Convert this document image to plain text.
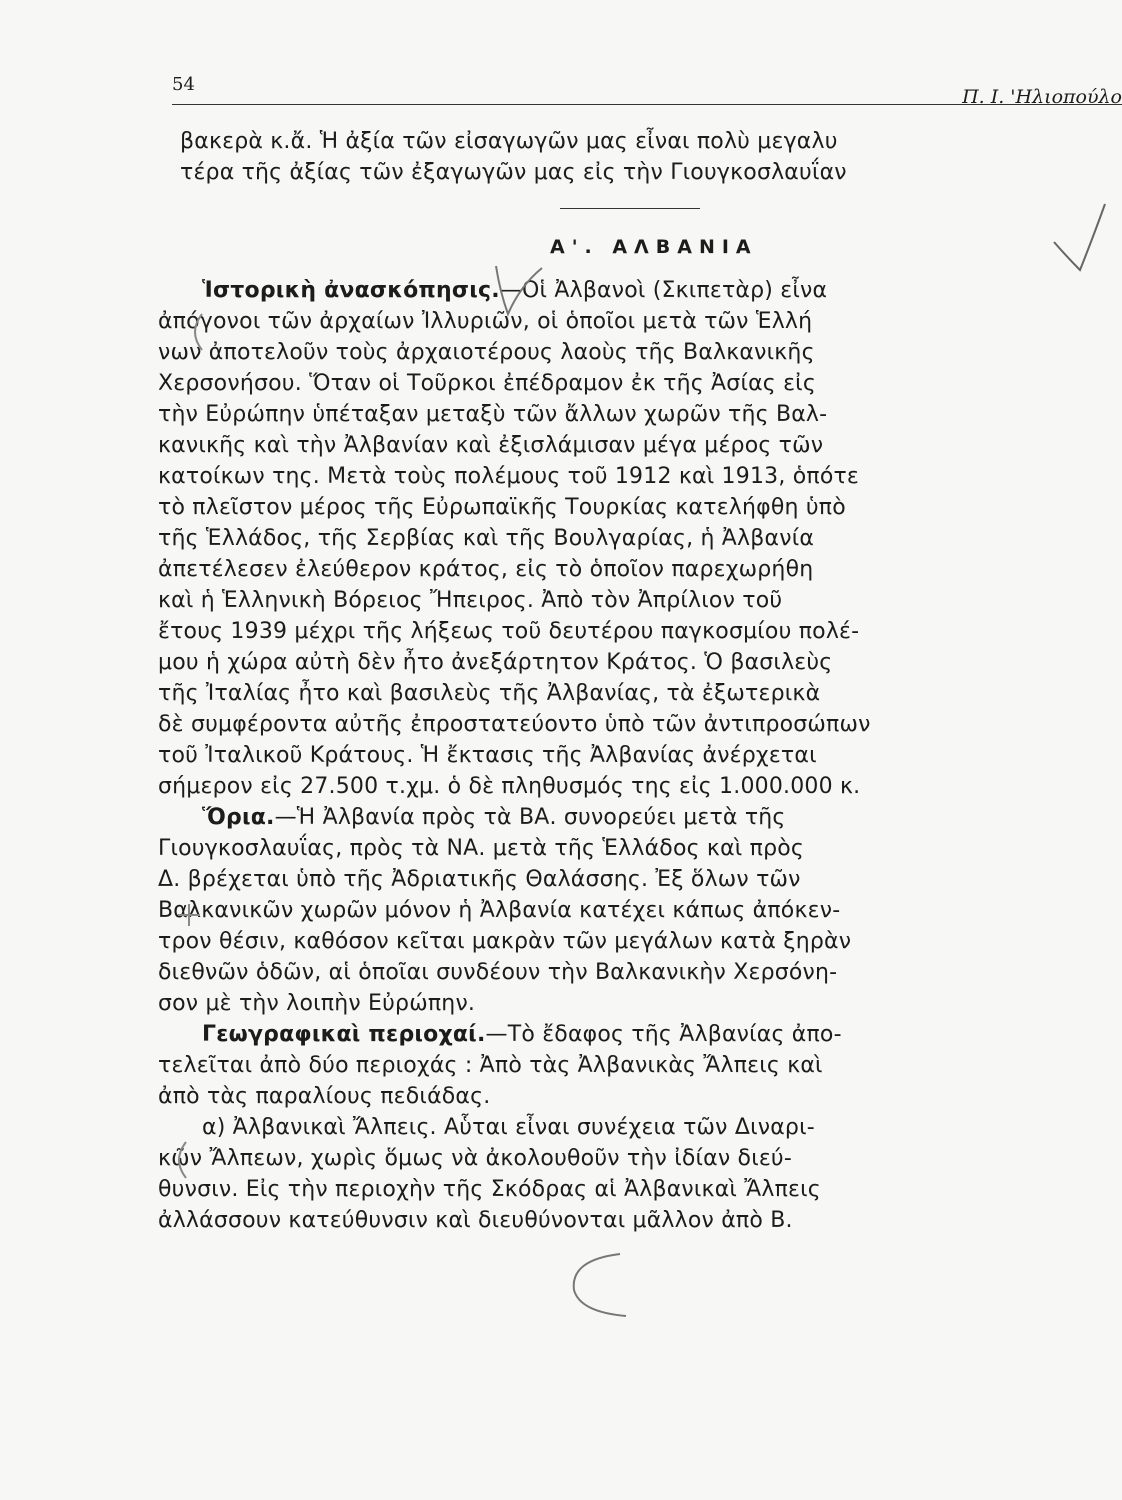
54
Π. Ι. 'Ηλιοπούλο
βακερὰ κ.ἄ. Ἡ ἀξία τῶν εἰσαγωγῶν μας εἶναι πολὺ μεγαλυ
τέρα τῆς ἀξίας τῶν ἐξαγωγῶν μας εἰς τὴν Γιουγκοσλαυΐαν
Α'. ΑΛΒΑΝΙΑ
Ἱστορικὴ ἀνασκόπησις.—Οἱ Ἀλβανοὶ (Σκιπετὰρ) εἶνα
ἀπόγονοι τῶν ἀρχαίων Ἰλλυριῶν, οἱ ὁποῖοι μετὰ τῶν Ἑλλή
νων ἀποτελοῦν τοὺς ἀρχαιοτέρους λαοὺς τῆς Βαλκανικῆς
Χερσονήσου. Ὅταν οἱ Τοῦρκοι ἐπέδραμον ἐκ τῆς Ἀσίας εἰς
τὴν Εὐρώπην ὑπέταξαν μεταξὺ τῶν ἄλλων χωρῶν τῆς Βαλ-
κανικῆς καὶ τὴν Ἀλβανίαν καὶ ἐξισλάμισαν μέγα μέρος τῶν
κατοίκων της. Μετὰ τοὺς πολέμους τοῦ 1912 καὶ 1913, ὁπότε
τὸ πλεῖστον μέρος τῆς Εὐρωπαϊκῆς Τουρκίας κατελήφθη ὑπὸ
τῆς Ἑλλάδος, τῆς Σερβίας καὶ τῆς Βουλγαρίας, ἡ Ἀλβανία
ἀπετέλεσεν ἐλεύθερον κράτος, εἰς τὸ ὁποῖον παρεχωρήθη
καὶ ἡ Ἑλληνικὴ Βόρειος Ἤπειρος. Ἀπὸ τὸν Ἀπρίλιον τοῦ
ἔτους 1939 μέχρι τῆς λήξεως τοῦ δευτέρου παγκοσμίου πολέ-
μου ἡ χώρα αὐτὴ δὲν ἦτο ἀνεξάρτητον Κράτος. Ὁ βασιλεὺς
τῆς Ἰταλίας ἦτο καὶ βασιλεὺς τῆς Ἀλβανίας, τὰ ἐξωτερικὰ
δὲ συμφέροντα αὐτῆς ἐπροστατεύοντο ὑπὸ τῶν ἀντιπροσώπων
τοῦ Ἰταλικοῦ Κράτους. Ἡ ἔκτασις τῆς Ἀλβανίας ἀνέρχεται
σήμερον εἰς 27.500 τ.χμ. ὁ δὲ πληθυσμός της εἰς 1.000.000 κ.
Ὅρια.—Ἡ Ἀλβανία πρὸς τὰ ΒΑ. συνορεύει μετὰ τῆς
Γιουγκοσλαυΐας, πρὸς τὰ ΝΑ. μετὰ τῆς Ἑλλάδος καὶ πρὸς
Δ. βρέχεται ὑπὸ τῆς Ἀδριατικῆς Θαλάσσης. Ἐξ ὅλων τῶν
Βαλκανικῶν χωρῶν μόνον ἡ Ἀλβανία κατέχει κάπως ἀπόκεν-
τρον θέσιν, καθόσον κεῖται μακρὰν τῶν μεγάλων κατὰ ξηρὰν
διεθνῶν ὁδῶν, αἱ ὁποῖαι συνδέουν τὴν Βαλκανικὴν Χερσόνη-
σον μὲ τὴν λοιπὴν Εὐρώπην.
Γεωγραφικαὶ περιοχαί.—Τὸ ἔδαφος τῆς Ἀλβανίας ἀπο-
τελεῖται ἀπὸ δύο περιοχάς : Ἀπὸ τὰς Ἀλβανικὰς Ἄλπεις καὶ
ἀπὸ τὰς παραλίους πεδιάδας.
α) Ἀλβανικαὶ Ἄλπεις. Αὗται εἶναι συνέχεια τῶν Διναρι-
κῶν Ἄλπεων, χωρὶς ὅμως νὰ ἀκολουθοῦν τὴν ἰδίαν διεύ-
θυνσιν. Εἰς τὴν περιοχὴν τῆς Σκόδρας αἱ Ἀλβανικαὶ Ἄλπεις
ἀλλάσσουν κατεύθυνσιν καὶ διευθύνονται μᾶλλον ἀπὸ Β.
